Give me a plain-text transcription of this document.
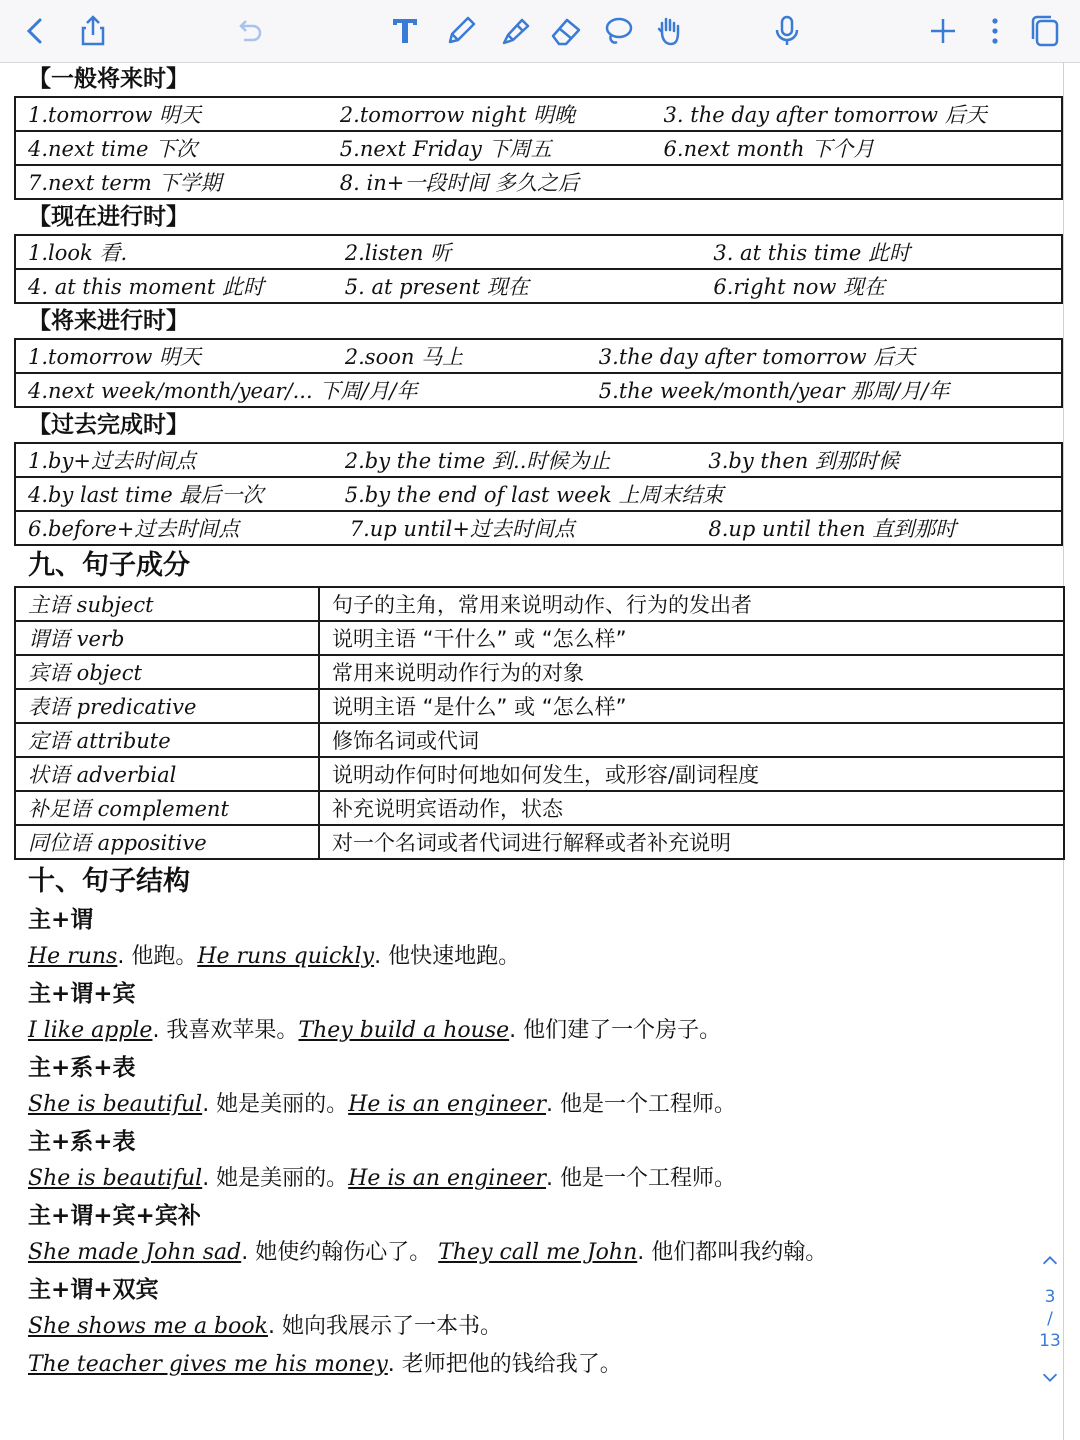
【一般将来时】
1.tomorrow 明天	2.tomorrow night 明晚	3. the day after tomorrow 后天

4.next time 下次	5.next Friday 下周五	6.next month 下个月

7.next term 下学期	8. in+一段时间 多久之后
【现在进行时】
1.look 看.	2.listen 听	3. at this time 此时

4. at this moment 此时	5. at present 现在	6.right now 现在
【将来进行时】
1.tomorrow 明天	2.soon 马上	3.the day after tomorrow 后天

4.next week/month/year/... 下周/月/年	5.the week/month/year 那周/月/年
【过去完成时】
1.by+过去时间点	2.by the time 到..时候为止	3.by then 到那时候

4.by last time 最后一次	5.by the end of last week 上周末结束

6.before+过去时间点	7.up until+过去时间点	8.up until then 直到那时
九、句子成分
主语 subject	句子的主角，常用来说明动作、行为的发出者
谓语 verb	说明主语 “干什么” 或 “怎么样”
宾语 object	常用来说明动作行为的对象
表语 predicative	说明主语 “是什么” 或 “怎么样”
定语 attribute	修饰名词或代词
状语 adverbial	说明动作何时何地如何发生，或形容/副词程度
补足语 complement	补充说明宾语动作，状态
同位语 appositive	对一个名词或者代词进行解释或者补充说明
十、句子结构
主+谓
He runs. 他跑。He runs quickly. 他快速地跑。
主+谓+宾
I like apple. 我喜欢苹果。They build a house. 他们建了一个房子。
主+系+表
She is beautiful. 她是美丽的。He is an engineer. 他是一个工程师。
主+系+表
She is beautiful. 她是美丽的。He is an engineer. 他是一个工程师。
主+谓+宾+宾补
She made John sad. 她使约翰伤心了。 They call me John. 他们都叫我约翰。
主+谓+双宾
She shows me a book. 她向我展示了一本书。
The teacher gives me his money. 老师把他的钱给我了。
3
/
13
